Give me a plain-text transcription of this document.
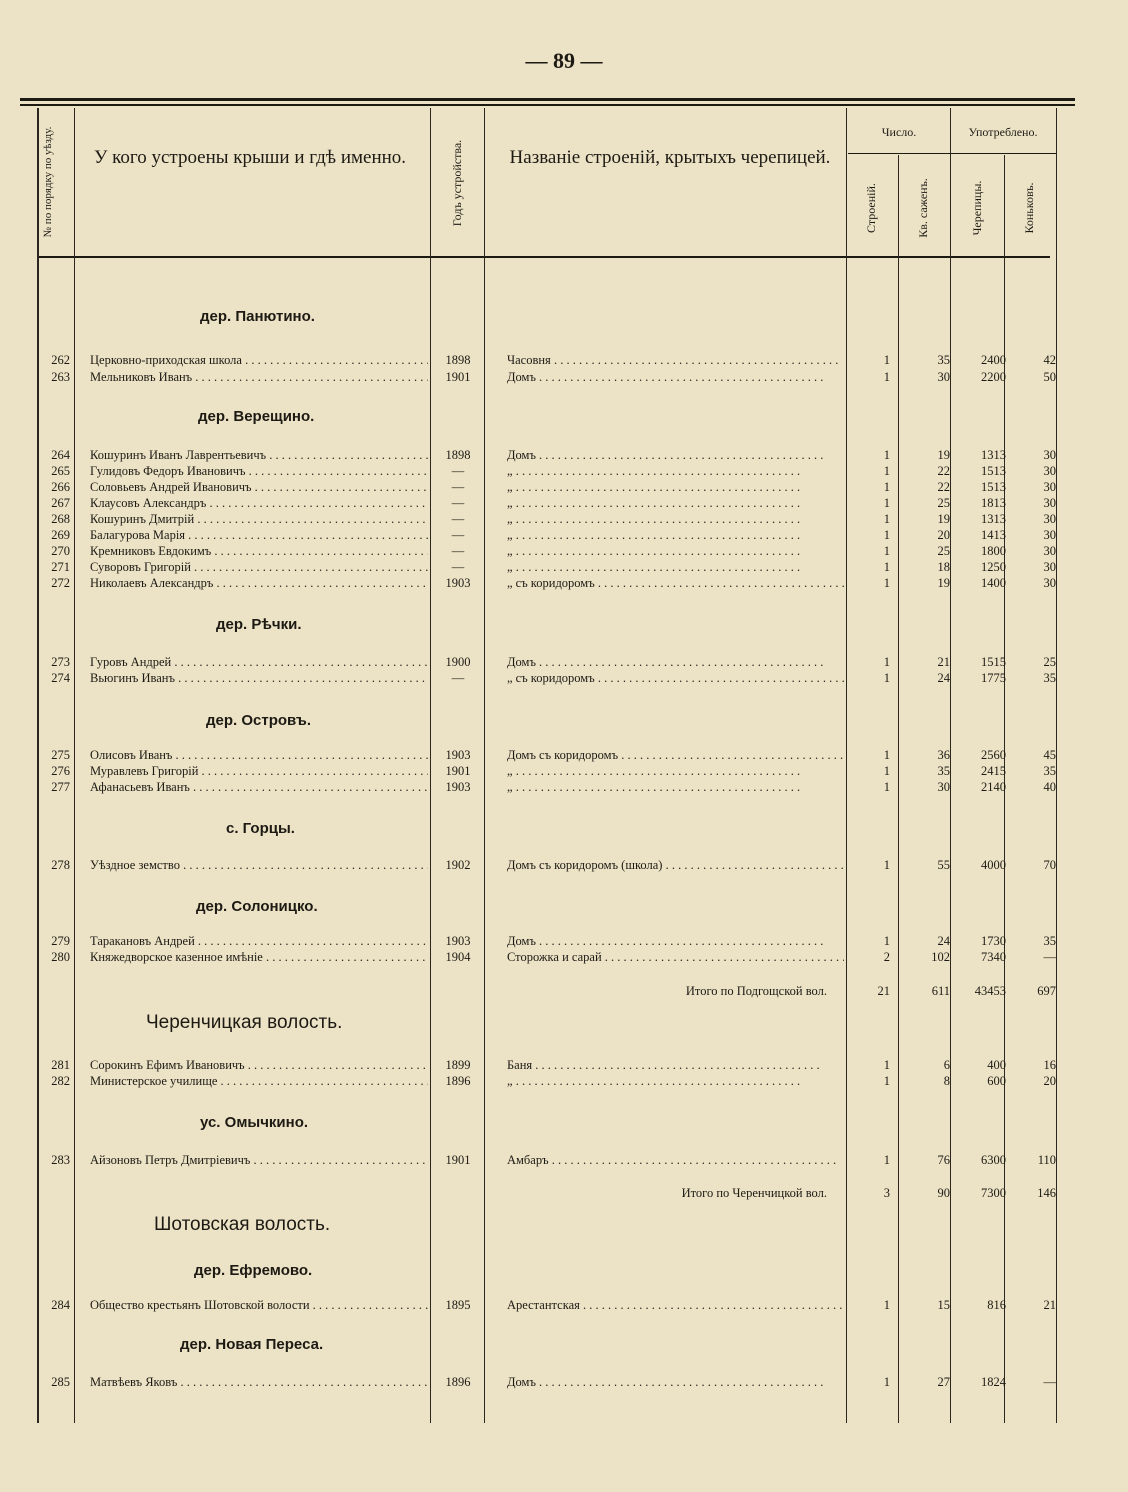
— 89 —
№ по порядку по уѣзду. У кого устроены крыши и гдѣ именно.	Годъ устройства. Названіе строеній, крытыхъ черепицей.
Число.	Употреблено.
Строеній.	Кв. саженъ.	Черепицы.	Коньковъ.
дер. Панютино.
дер. Верещино.
дер. Рѣчки.
дер. Островъ.
с. Горцы.
дер. Солоницко.
Черенчицкая волость.
ус. Омычкино.
Шотовская волость.
дер. Ефремово.
дер. Новая Переса.
262 Церковно-приходская школа . . .	1898	Часовня . . .	1	35	2400	42
263 Мельниковъ Иванъ . . .	1901	Домъ . . .	1	30	2200	50
264 Кошуринъ Иванъ Лаврентьевичъ . . .	1898	Домъ . . .	1	19	1313	30
265 Гулидовъ Федоръ Ивановичъ . . .	—	„ . . .	1	22	1513	30
266 Соловьевъ Андрей Ивановичъ . . .	—	„ . . .	1	22	1513	30
267 Клаусовъ Александръ . . .	—	„ . . .	1	25	1813	30
268 Кошуринъ Дмитрій . . .	—	„ . . .	1	19	1313	30
269 Балагурова Марія . . .	—	„ . . .	1	20	1413	30
270 Кремниковъ Евдокимъ . . .	—	„ . . .	1	25	1800	30
271 Суворовъ Григорій . . .	—	„ . . .	1	18	1250	30
272 Николаевъ Александръ . . .	1903	„ съ коридоромъ . . .	1	19	1400	30
273 Гуровъ Андрей . . .	1900	Домъ . . .	1	21	1515	25
274 Вьюгинъ Иванъ . . .	—	„ съ коридоромъ . . .	1	24	1775	35
275 Олисовъ Иванъ . . .	1903	Домъ съ коридоромъ . . .	1	36	2560	45
276 Муравлевъ Григорій . . .	1901	„ . . .	1	35	2415	35
277 Афанасьевъ Иванъ . . .	1903	„ . . .	1	30	2140	40
278 Уѣздное земство . . .	1902	Домъ съ коридоромъ (школа) . . .	1	55	4000	70
279 Таракановъ Андрей . . .	1903	Домъ . . .	1	24	1730	35
280 Княжедворское казенное имѣніе . . .	1904	Сторожка и сарай . . .	2	102	7340	—
Итого по Подгощской вол.	21	611	43453	697
281 Сорокинъ Ефимъ Ивановичъ . . .	1899	Баня . . .	1	6	400	16
282 Министерское училище . . .	1896	„ . . .	1	8	600	20
283 Айзоновъ Петръ Дмитріевичъ . . .	1901	Амбаръ . . .	1	76	6300	110
Итого по Черенчицкой вол.	3	90	7300	146
284 Общество крестьянъ Шотовской волости . . .	1895	Арестантская . . .	1	15	816	21
285 Матвѣевъ Яковъ . . .	1896	Домъ . . .	1	27	1824	—
